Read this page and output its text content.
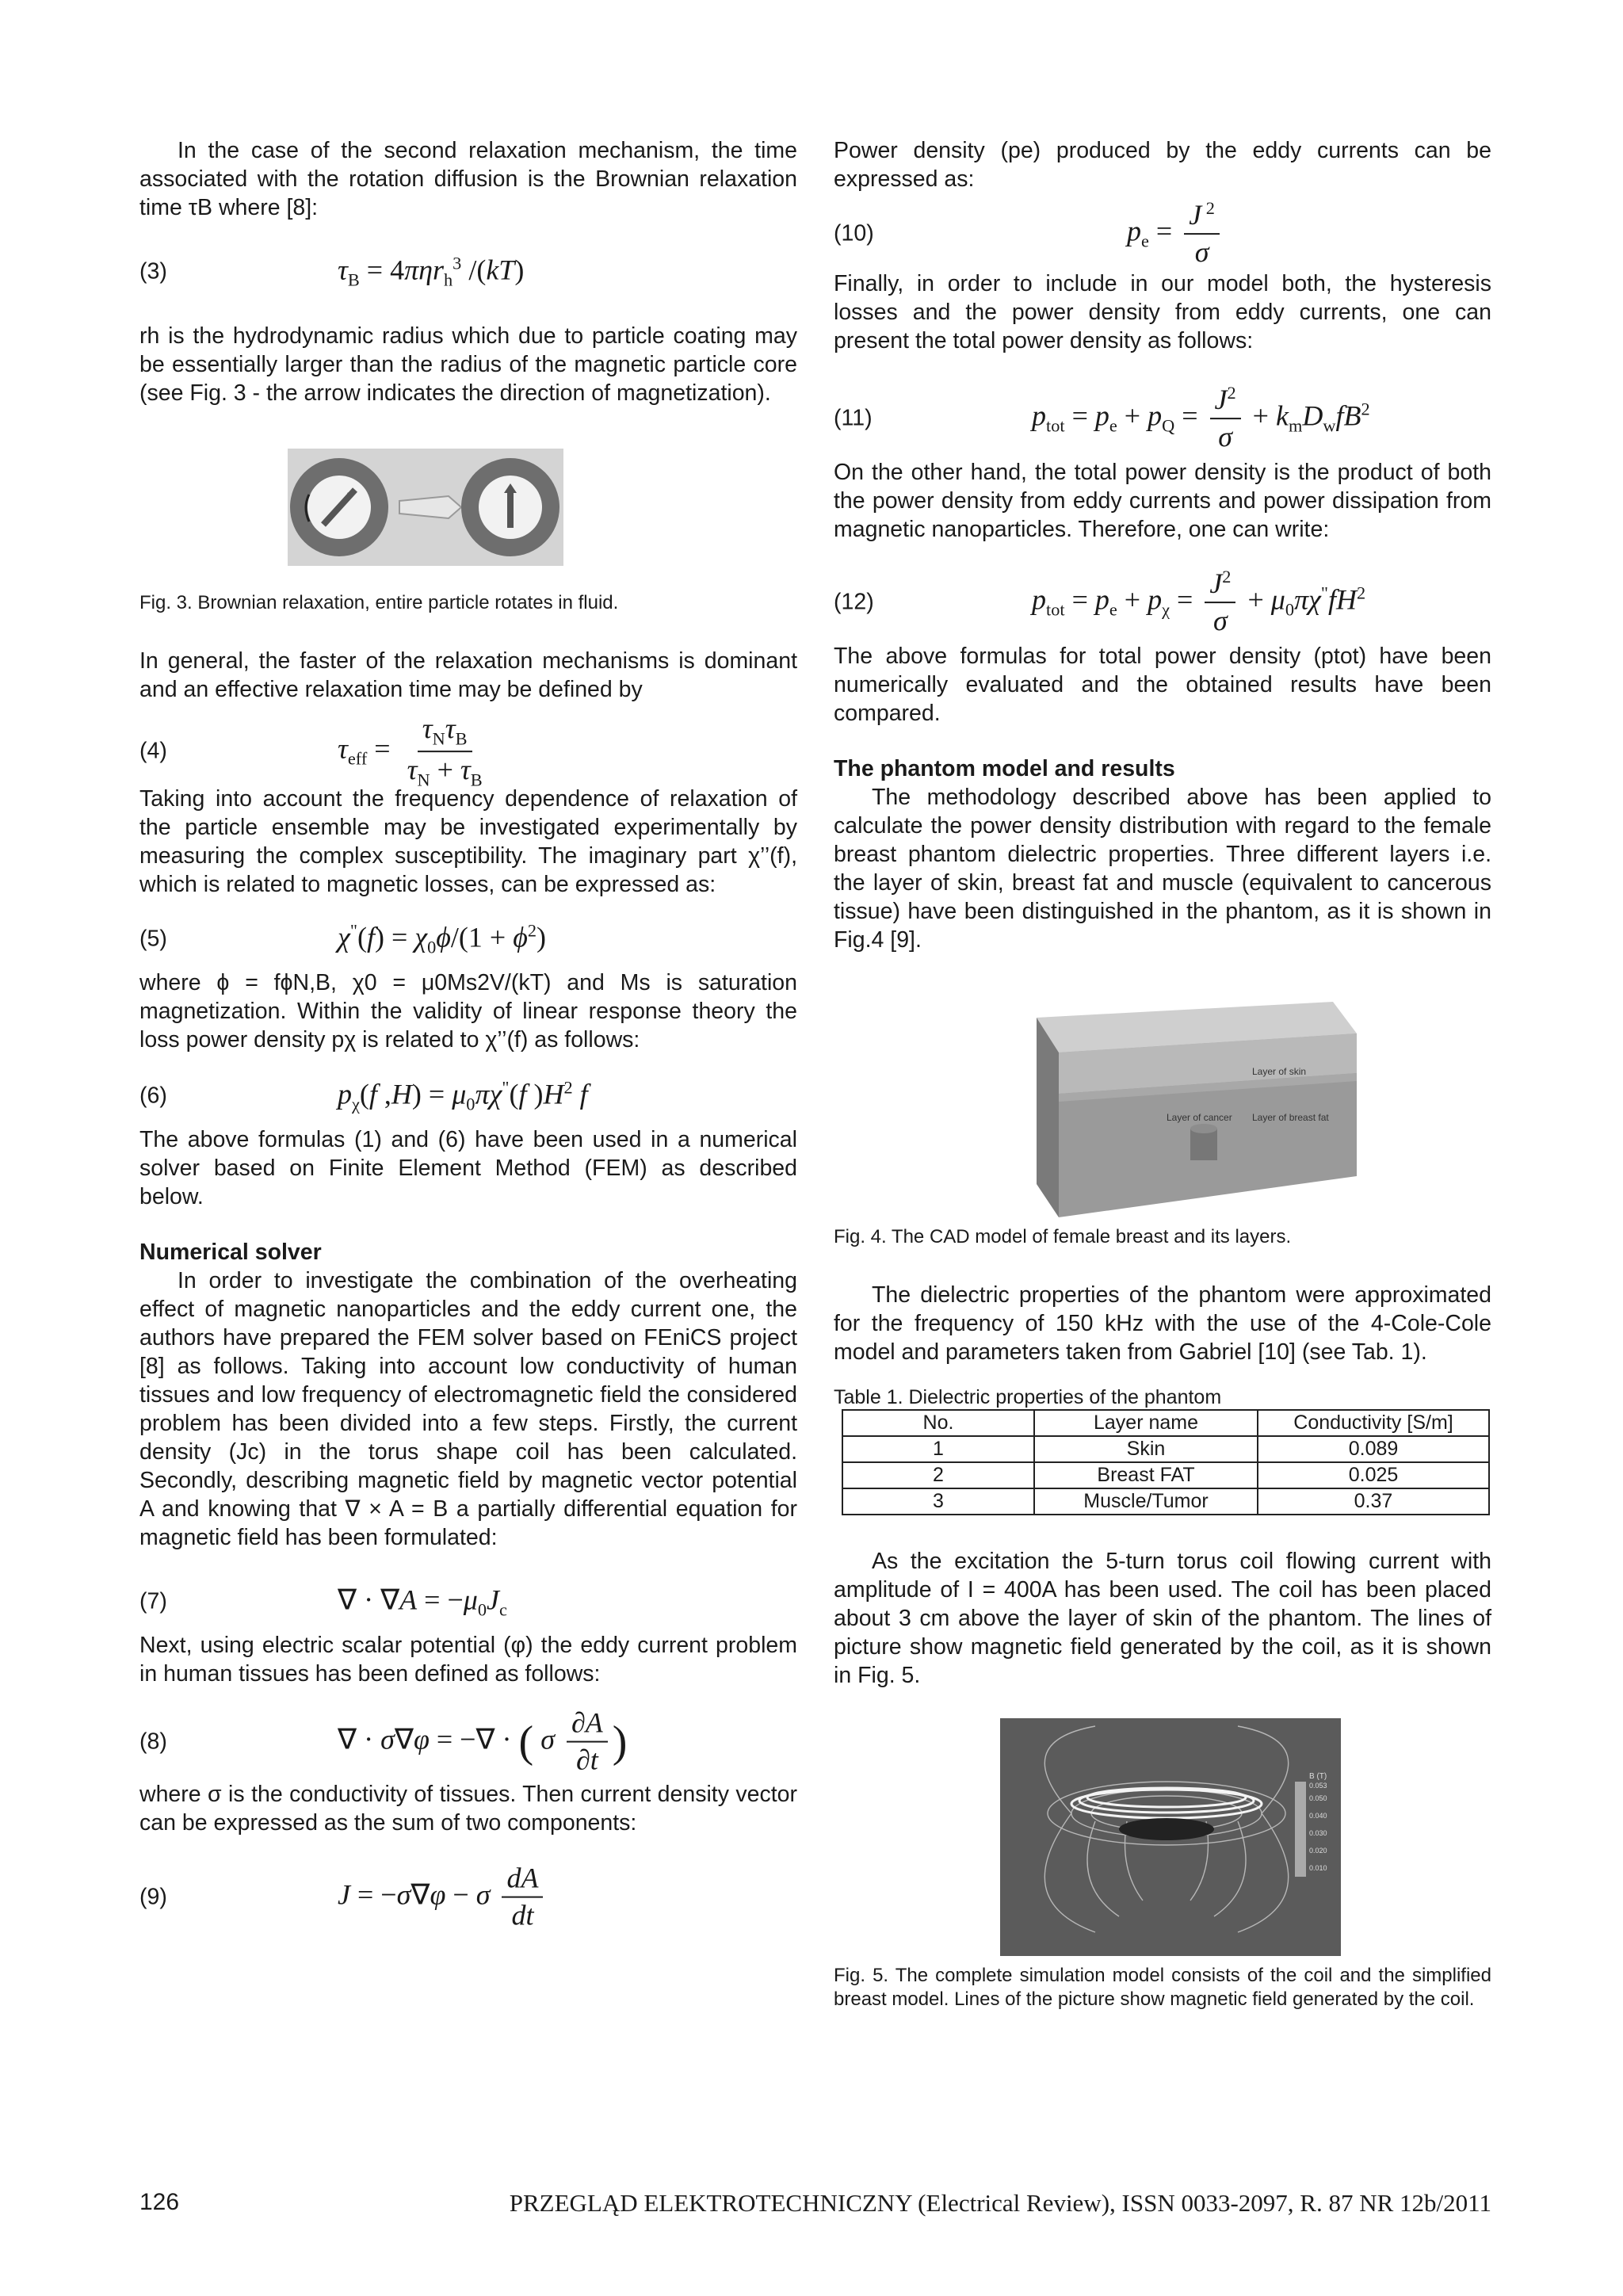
In the case of the second relaxation mechanism, the time associated with the rotation diffusion is the Brownian relaxation time τB where [8]:

(3)	$\tau_B = 4\pi\eta r_h^3$ /(kT)

rh is the hydrodynamic radius which due to particle coating may be essentially larger than the radius of the magnetic particle core (see Fig. 3 - the arrow indicates the direction of magnetization).

Fig. 3. Brownian relaxation, entire particle rotates in fluid.

In general, the faster of the relaxation mechanisms is dominant and an effective relaxation time may be defined by

(4)	$\tau_{eff} = \frac{\tau_N\tau_B}{\tau_N + \tau_B}$

Taking into account the frequency dependence of relaxation of the particle ensemble may be investigated experimentally by measuring the complex susceptibility. The imaginary part χ’’(f), which is related to magnetic losses, can be expressed as:

(5)	$\chi^"(f) = \chi_0\phi/(1 + \phi^2)$

where ϕ = fϕN,B, χ0 = μ0Ms2V/(kT) and Ms is saturation magnetization. Within the validity of linear response theory the loss power density pχ is related to χ’’(f) as follows:

(6)	$p_\chi(f$ $,H) = \mu_0\pi\chi^"(f$ )$H^2$ f

The above formulas (1) and (6) have been used in a numerical solver based on Finite Element Method (FEM) as described below.

Numerical solver

In order to investigate the combination of the overheating effect of magnetic nanoparticles and the eddy current one, the authors have prepared the FEM solver based on FEniCS project [8] as follows. Taking into account low conductivity of human tissues and low frequency of electromagnetic field the considered problem has been divided into a few steps. Firstly, the current density (Jc) in the torus shape coil has been calculated. Secondly, describing magnetic field by magnetic vector potential A and knowing that ∇ × A = B a partially differential equation for magnetic field has been formulated:

(7)	∇ · $\nabla A = -\mu_0J_c$

Next, using electric scalar potential (φ) the eddy current problem in human tissues has been defined as follows:

(8)	∇ · σ∇φ = −∇ · ( σ $\frac{\partial A}{\partial t}$ )

where σ is the conductivity of tissues. Then current density vector can be expressed as the sum of two components:

(9)	J = −σ∇φ − σ $\frac{dA}{dt}$

Power density (pe) produced by the eddy currents can be expressed as:

(10)	$p_e = \frac{J ^2}{\sigma}$

Finally, in order to include in our model both, the hysteresis losses and the power density from eddy currents, one can present the total power density as follows:

(11)	$p_{tot} = p_e + p_Q = \frac{J^2}{\sigma} + k_mD_wfB^2$

On the other hand, the total power density is the product of both the power density from eddy currents and power dissipation from magnetic nanoparticles. Therefore, one can write:

(12)	$p_{tot} = p_e + p_\chi = \frac{J^2}{\sigma} + \mu_0\pi\chi^"fH^2$

The above formulas for total power density (ptot) have been numerically evaluated and the obtained results have been compared.

The phantom model and results

The methodology described above has been applied to calculate the power density distribution with regard to the female breast phantom dielectric properties. Three different layers i.e. the layer of skin, breast fat and muscle (equivalent to cancerous tissue) have been distinguished in the phantom, as it is shown in Fig.4 [9].

Layer of skin
Layer of breast fat
Layer of cancer

Fig. 4. The CAD model of female breast and its layers.

The dielectric properties of the phantom were approximated for the frequency of 150 kHz with the use of the 4-Cole-Cole model and parameters taken from Gabriel [10] (see Tab. 1).

Table 1. Dielectric properties of the phantom

No.	Layer name	Conductivity [S/m]
1	Skin	0.089
2	Breast FAT	0.025
3	Muscle/Tumor	0.37

As the excitation the 5-turn torus coil flowing current with amplitude of I = 400A has been used. The coil has been placed about 3 cm above the layer of skin of the phantom. The lines of picture show magnetic field generated by the coil, as it is shown in Fig. 5.

B (T)
0.053
0.050
0.040
0.030
0.020
0.010

Fig. 5. The complete simulation model consists of the coil and the simplified breast model. Lines of the picture show magnetic field generated by the coil.

126	PRZEGLĄD ELEKTROTECHNICZNY (Electrical Review), ISSN 0033-2097, R. 87 NR 12b/2011
